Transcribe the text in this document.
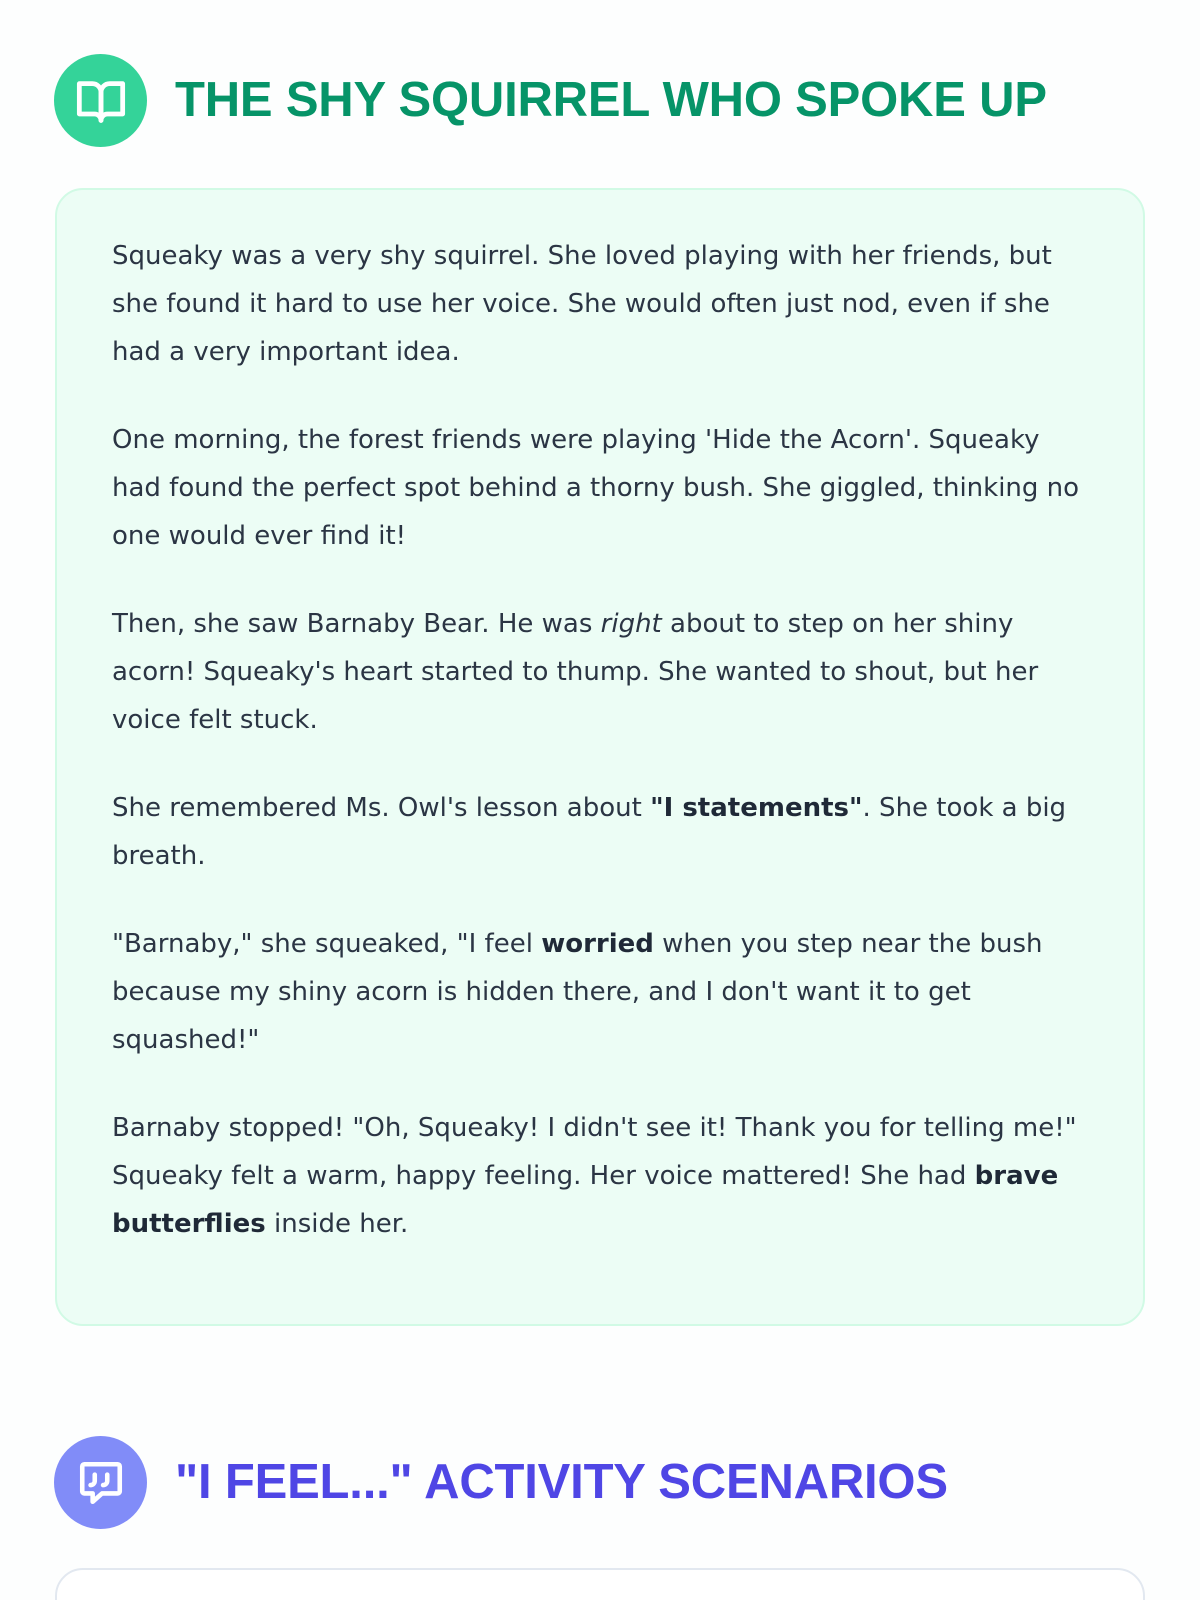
THE SHY SQUIRREL WHO SPOKE UP

Squeaky was a very shy squirrel. She loved playing with her friends, but she found it hard to use her voice. She would often just nod, even if she had a very important idea.

One morning, the forest friends were playing 'Hide the Acorn'. Squeaky had found the perfect spot behind a thorny bush. She giggled, thinking no one would ever find it!

Then, she saw Barnaby Bear. He was right about to step on her shiny acorn! Squeaky's heart started to thump. She wanted to shout, but her voice felt stuck.

She remembered Ms. Owl's lesson about "I statements". She took a big breath.

"Barnaby," she squeaked, "I feel worried when you step near the bush because my shiny acorn is hidden there, and I don't want it to get squashed!"

Barnaby stopped! "Oh, Squeaky! I didn't see it! Thank you for telling me!" Squeaky felt a warm, happy feeling. Her voice mattered! She had brave butterflies inside her.

"I FEEL..." ACTIVITY SCENARIOS
